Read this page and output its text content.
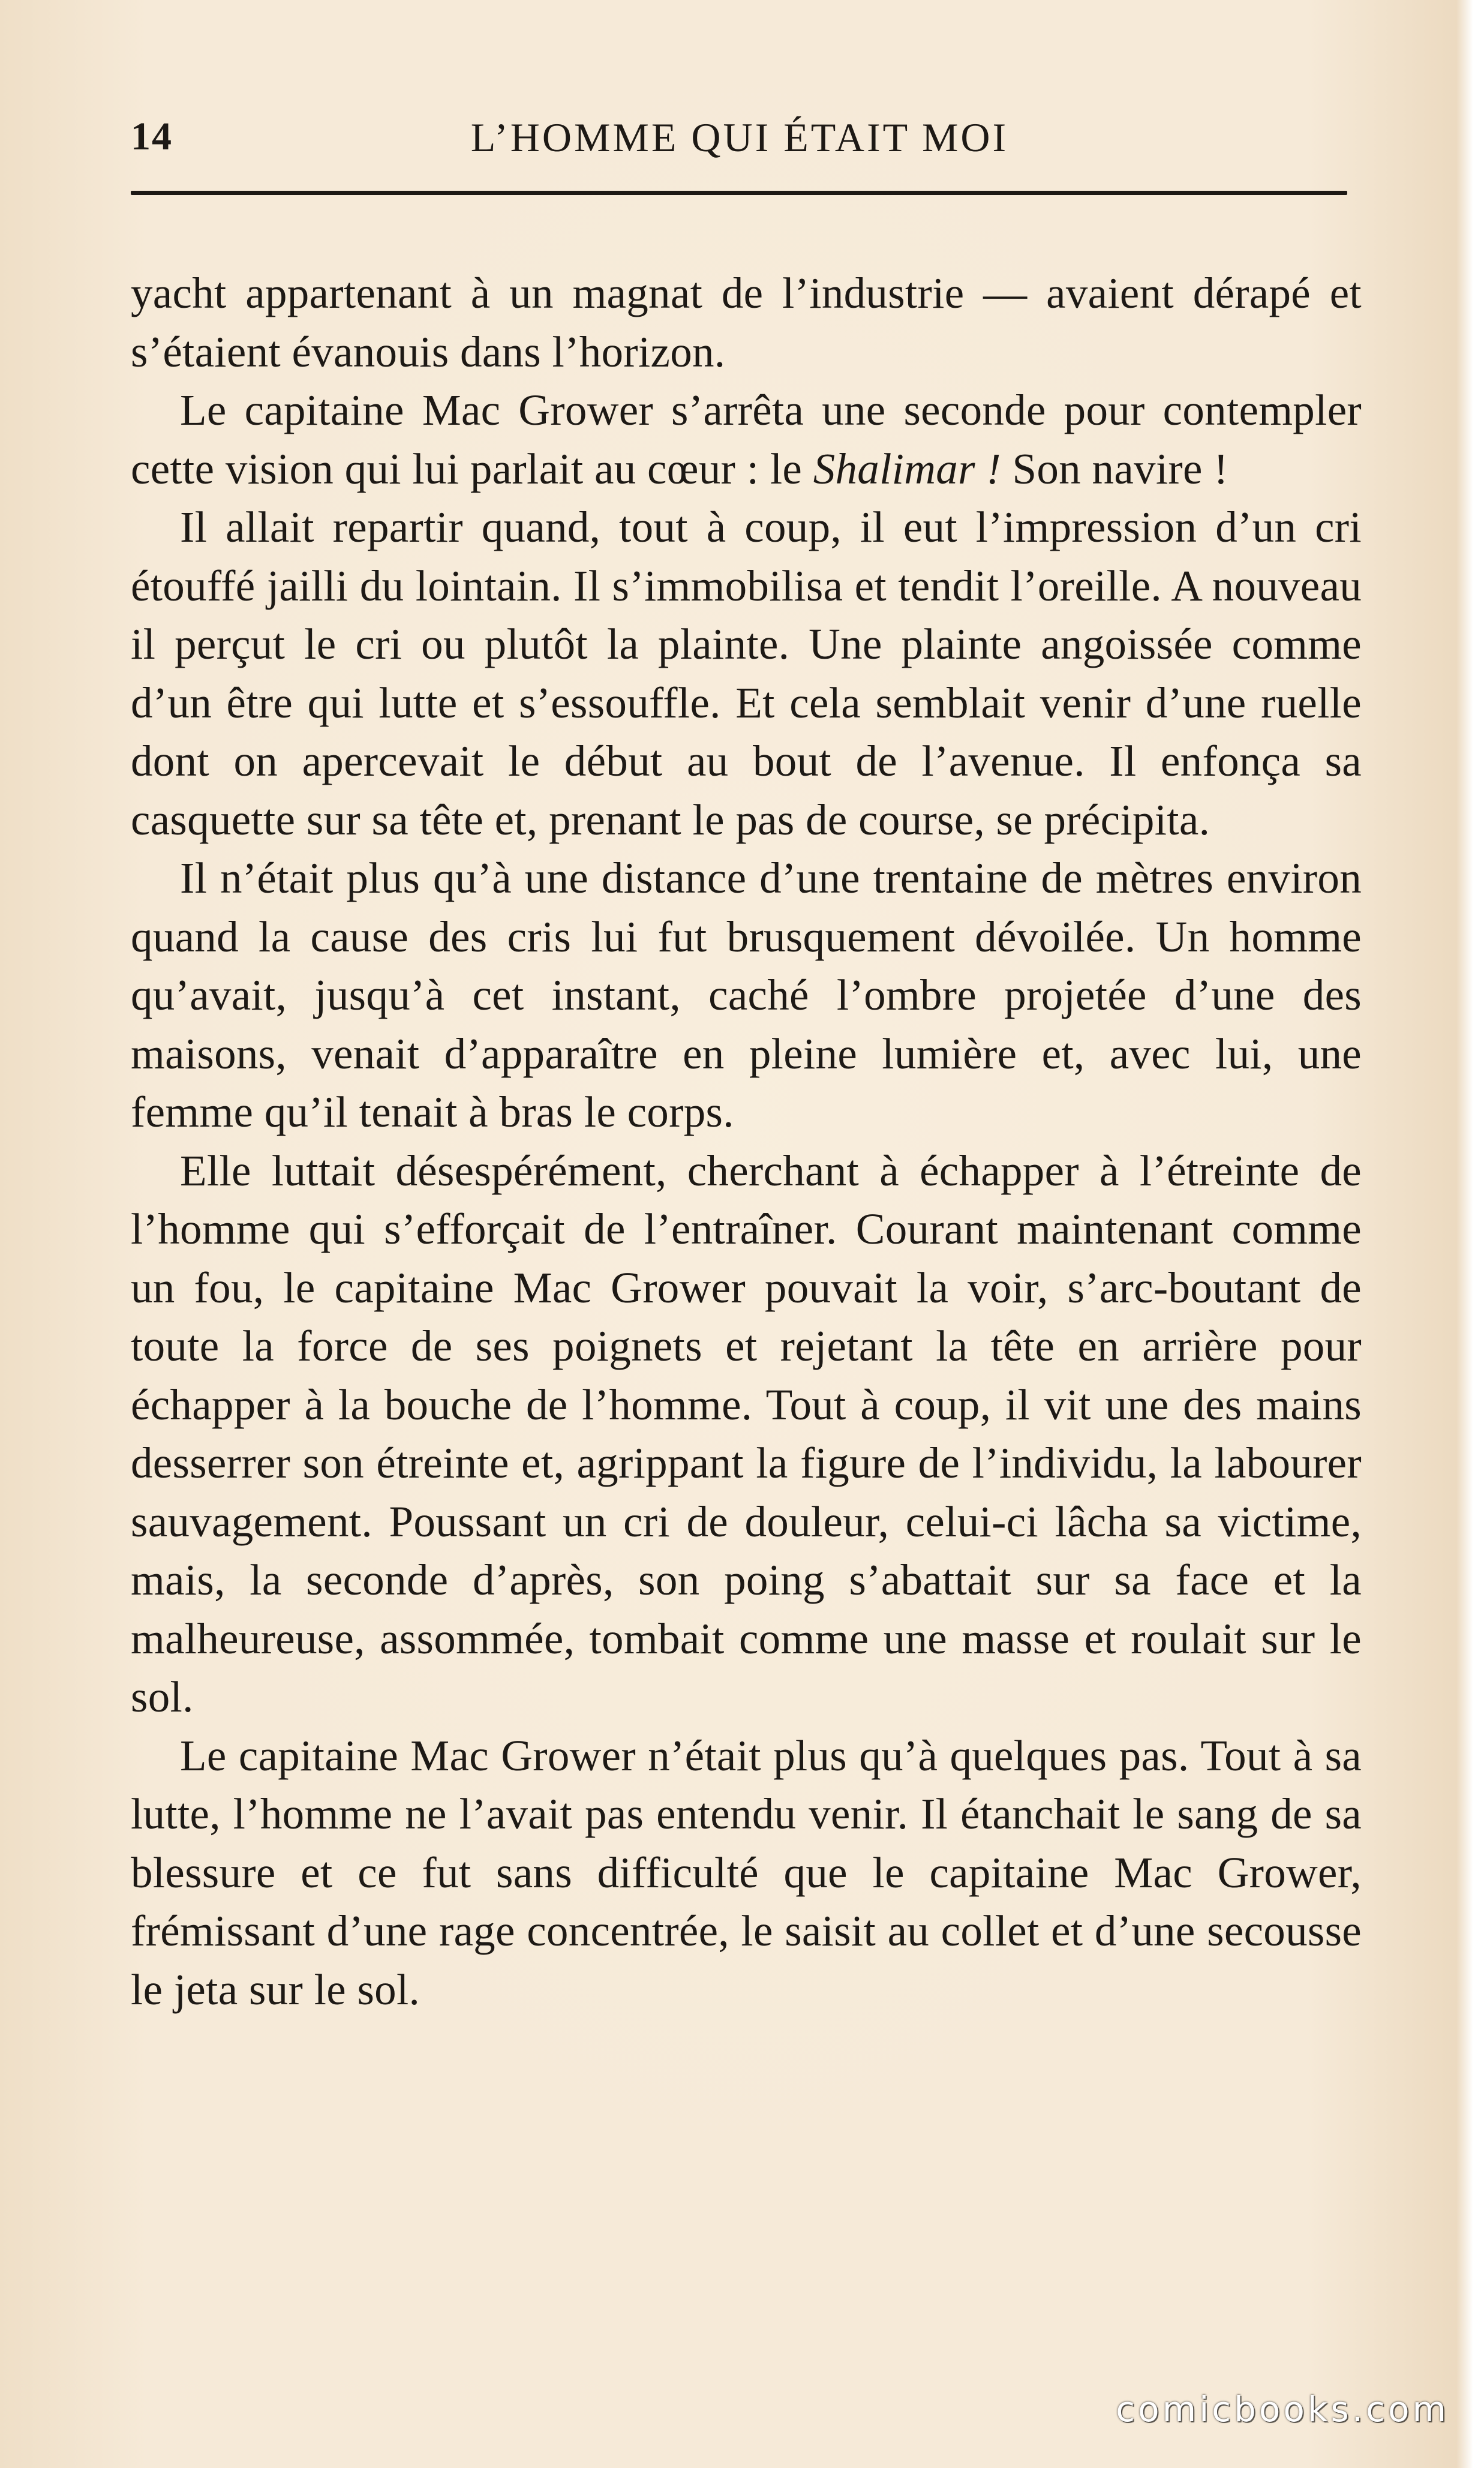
14	L’HOMME QUI ÉTAIT MOI

yacht appartenant à un magnat de l’industrie — avaient dérapé et s’étaient évanouis dans l’horizon.

Le capitaine Mac Grower s’arrêta une seconde pour contempler cette vision qui lui parlait au cœur : le Shalimar ! Son navire !

Il allait repartir quand, tout à coup, il eut l’impression d’un cri étouffé jailli du lointain. Il s’immobilisa et tendit l’oreille. A nouveau il perçut le cri ou plutôt la plainte. Une plainte angoissée comme d’un être qui lutte et s’essouffle. Et cela semblait venir d’une ruelle dont on apercevait le début au bout de l’avenue. Il enfonça sa casquette sur sa tête et, prenant le pas de course, se précipita.

Il n’était plus qu’à une distance d’une trentaine de mètres environ quand la cause des cris lui fut brusquement dévoilée. Un homme qu’avait, jusqu’à cet instant, caché l’ombre projetée d’une des maisons, venait d’apparaître en pleine lumière et, avec lui, une femme qu’il tenait à bras le corps.

Elle luttait désespérément, cherchant à échapper à l’étreinte de l’homme qui s’efforçait de l’entraîner. Courant maintenant comme un fou, le capitaine Mac Grower pouvait la voir, s’arc-boutant de toute la force de ses poignets et rejetant la tête en arrière pour échapper à la bouche de l’homme. Tout à coup, il vit une des mains desserrer son étreinte et, agrippant la figure de l’individu, la labourer sauvagement. Poussant un cri de douleur, celui-ci lâcha sa victime, mais, la seconde d’après, son poing s’abattait sur sa face et la malheureuse, assommée, tombait comme une masse et roulait sur le sol.

Le capitaine Mac Grower n’était plus qu’à quelques pas. Tout à sa lutte, l’homme ne l’avait pas entendu venir. Il étanchait le sang de sa blessure et ce fut sans difficulté que le capitaine Mac Grower, frémissant d’une rage concentrée, le saisit au collet et d’une secousse le jeta sur le sol.

comicbooks.com
